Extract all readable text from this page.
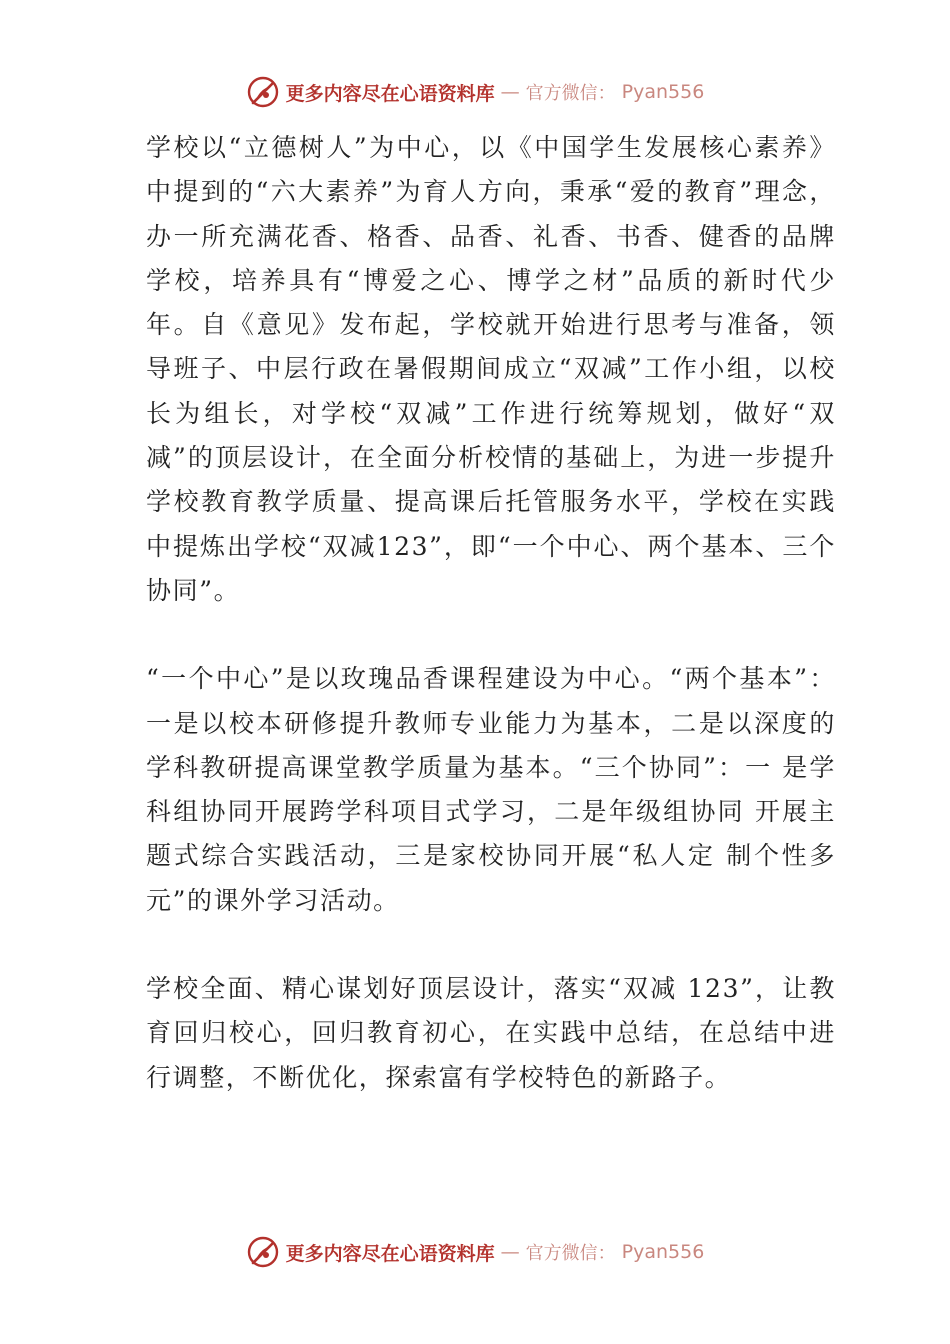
更多内容尽在心语资料库 — 官方微信： Pyan556

学校以“立德树人”为中心，以《中国学生发展核心素养》中提到的“六大素养”为育人方向，秉承“爱的教育”理念，办一所充满花香、格香、品香、礼香、书香、健香的品牌学校，培养具有“博爱之心、博学之材”品质的新时代少年。自《意见》发布起，学校就开始进行思考与准备，领导班子、中层行政在暑假期间成立“双减”工作小组，以校长为组长，对学校“双减”工作进行统筹规划，做好“双减”的顶层设计，在全面分析校情的基础上，为进一步提升学校教育教学质量、提高课后托管服务水平，学校在实践中提炼出学校“双减123”，即“一个中心、两个基本、三个协同”。

“一个中心”是以玫瑰品香课程建设为中心。“两个基本”：一是以校本研修提升教师专业能力为基本，二是以深度的学科教研提高课堂教学质量为基本。“三个协同”：一 是学科组协同开展跨学科项目式学习，二是年级组协同 开展主题式综合实践活动，三是家校协同开展“私人定 制个性多元”的课外学习活动。

学校全面、精心谋划好顶层设计，落实“双减 123”，让教育回归校心，回归教育初心，在实践中总结，在总结中进行调整，不断优化，探索富有学校特色的新路子。

更多内容尽在心语资料库 — 官方微信： Pyan556
